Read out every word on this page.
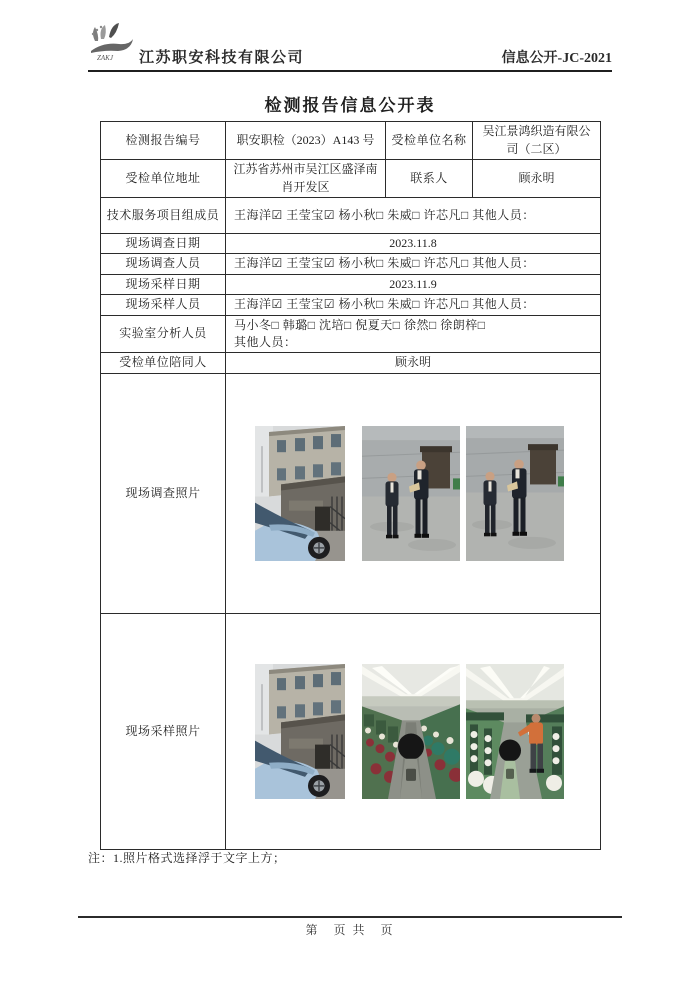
ZAKJ 江苏职安科技有限公司	信息公开-JC-2021
检测报告信息公开表
检测报告编号	职安职检（2023）A143 号	受检单位名称	吴江景鸿织造有限公司（二区）
受检单位地址	江苏省苏州市吴江区盛泽南肖开发区	联系人	顾永明
技术服务项目组成员	王海洋☑ 王莹宝☑ 杨小秋□ 朱威□ 许芯凡□ 其他人员：		
现场调查日期	2023.11.8		
现场调查人员	王海洋☑ 王莹宝☑ 杨小秋□ 朱威□ 许芯凡□ 其他人员：		
现场采样日期	2023.11.9		
现场采样人员	王海洋☑ 王莹宝☑ 杨小秋□ 朱威□ 许芯凡□ 其他人员：		
实验室分析人员	马小冬□ 韩璐□ 沈培□ 倪夏天□ 徐然□ 徐朗梓□
其他人员：		

受检单位陪同人	顾永明		
现场调查照片	

现场采样照片	
注：1.照片格式选择浮于文字上方；
第　页 共　页
